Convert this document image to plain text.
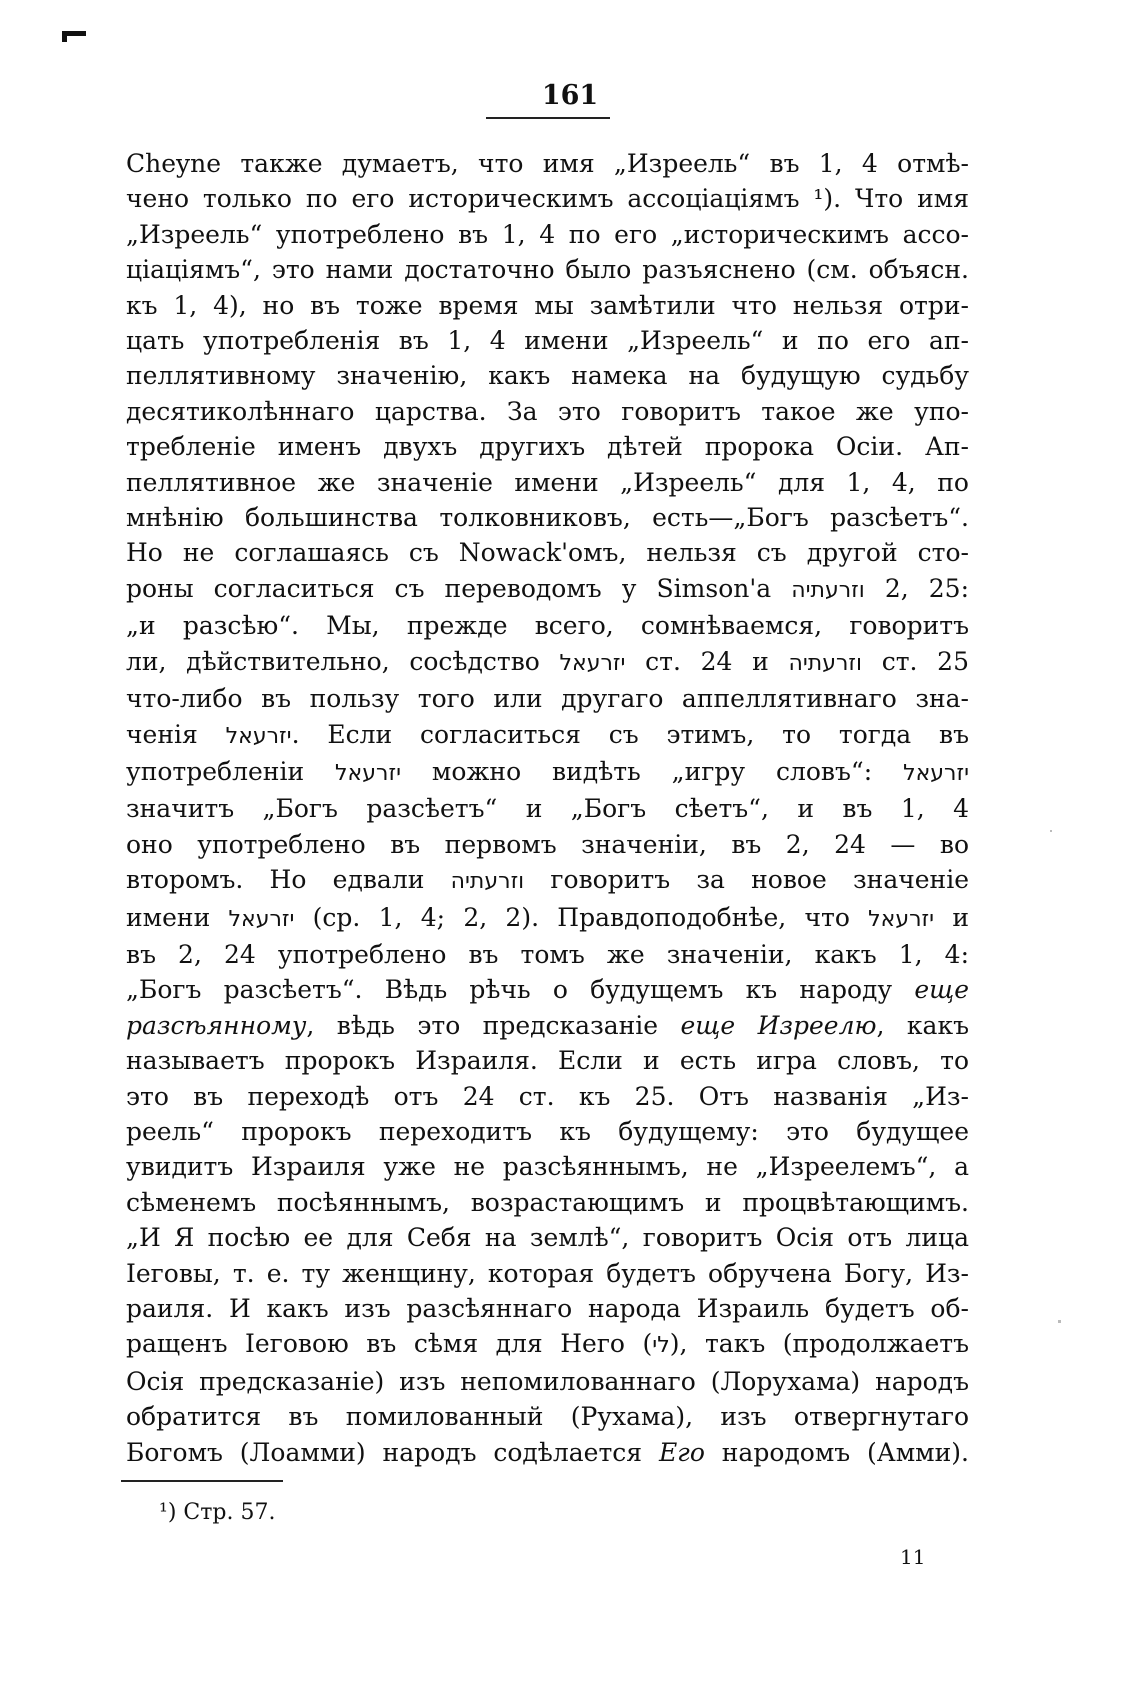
161
Cheyne также думаетъ, что имя „Изреель“ въ 1, 4 отмѣ-
чено только по его историческимъ ассоціаціямъ ¹). Что имя
„Изреель“ употреблено въ 1, 4 по его „историческимъ ассо-
ціаціямъ“, это нами достаточно было разъяснено (см. объясн.
къ 1, 4), но въ тоже время мы замѣтили что нельзя отри-
цать употребленія въ 1, 4 имени „Изреель“ и по его ап-
пеллятивному значенію, какъ намека на будущую судьбу
десятиколѣннаго царства. За это говоритъ такое же упо-
требленіе именъ двухъ другихъ дѣтей пророка Осіи. Ап-
пеллятивное же значеніе имени „Изреель“ для 1, 4, по
мнѣнію большинства толковниковъ, есть—„Богъ разсѣетъ“.
Но не соглашаясь съ Nowack'омъ, нельзя съ другой сто-
роны согласиться съ переводомъ у Simson'а וזרעתיה 2, 25:
„и разсѣю“. Мы, прежде всего, сомнѣваемся, говоритъ
ли, дѣйствительно, сосѣдство יזרעאל ст. 24 и וזרעתיה ст. 25
что-либо въ пользу того или другаго аппеллятивнаго зна-
ченія יזרעאל. Если согласиться съ этимъ, то тогда въ
употребленіи יזרעאל можно видѣть „игру словъ“: יזרעאל
значитъ „Богъ разсѣетъ“ и „Богъ сѣетъ“, и въ 1, 4
оно употреблено въ первомъ значеніи, въ 2, 24 — во
второмъ. Но едвали וזרעתיה говоритъ за новое значеніе
имени יזרעאל (ср. 1, 4; 2, 2). Правдоподобнѣе, что יזרעאל и
въ 2, 24 употреблено въ томъ же значеніи, какъ 1, 4:
„Богъ разсѣетъ“. Вѣдь рѣчь о будущемъ къ народу еще
разсѣянному, вѣдь это предсказаніе еще Изреелю, какъ
называетъ пророкъ Израиля. Если и есть игра словъ, то
это въ переходѣ отъ 24 ст. къ 25. Отъ названія „Из-
реель“ пророкъ переходитъ къ будущему: это будущее
увидитъ Израиля уже не разсѣяннымъ, не „Изреелемъ“, а
сѣменемъ посѣяннымъ, возрастающимъ и процвѣтающимъ.
„И Я посѣю ее для Себя на землѣ“, говоритъ Осія отъ лица
Іеговы, т. е. ту женщину, которая будетъ обручена Богу, Из-
раиля. И какъ изъ разсѣяннаго народа Израиль будетъ об-
ращенъ Іеговою въ сѣмя для Него (לי), такъ (продолжаетъ
Осія предсказаніе) изъ непомилованнаго (Лорухама) народъ
обратится въ помилованный (Рухама), изъ отвергнутаго
Богомъ (Лоамми) народъ содѣлается Его народомъ (Амми).
¹) Стр. 57.
11
